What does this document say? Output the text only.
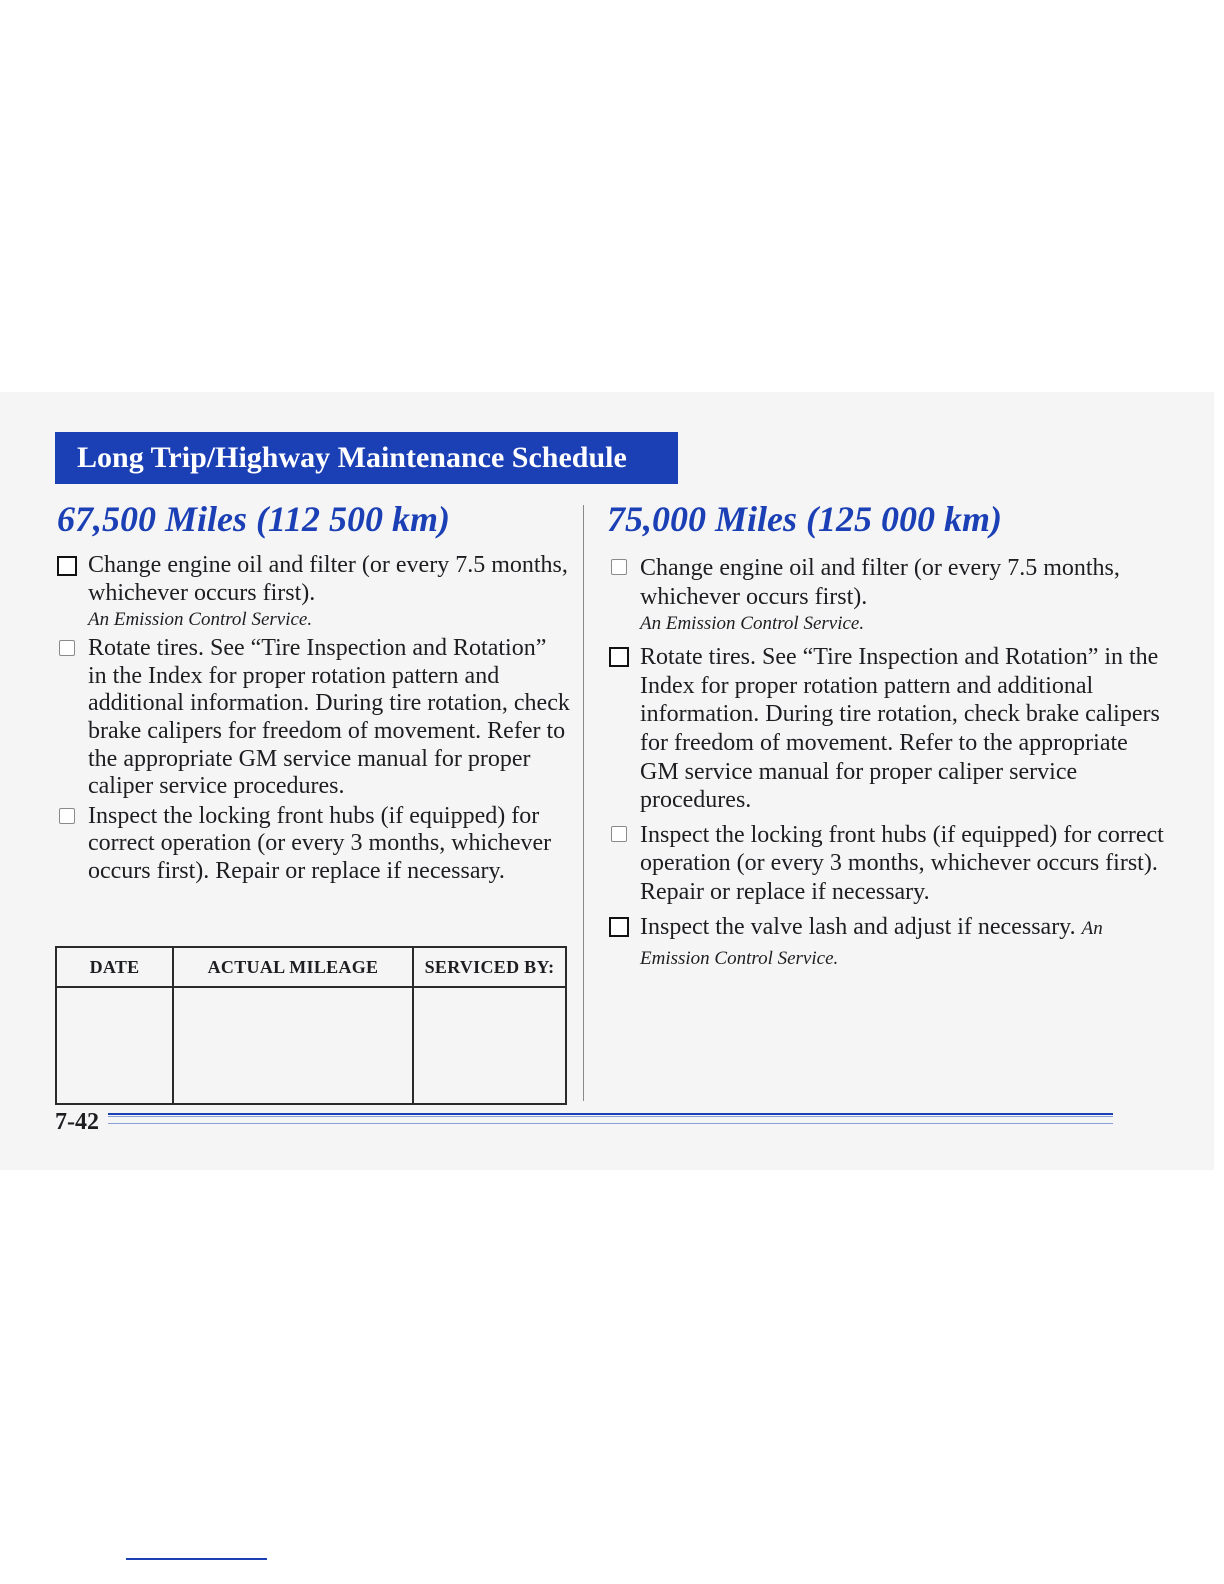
Long Trip/Highway Maintenance Schedule
67,500 Miles (112 500 km)
Change engine oil and filter (or every 7.5 months, whichever occurs first).
An Emission Control Service.
Rotate tires. See “Tire Inspection and Rotation” in the Index for proper rotation pattern and additional information. During tire rotation, check brake calipers for freedom of movement. Refer to the appropriate GM service manual for proper caliper service procedures.
Inspect the locking front hubs (if equipped) for correct operation (or every 3 months, whichever occurs first). Repair or replace if necessary.
DATE	ACTUAL MILEAGE	SERVICED BY:

75,000 Miles (125 000 km)
Change engine oil and filter (or every 7.5 months, whichever occurs first).
An Emission Control Service.
Rotate tires. See “Tire Inspection and Rotation” in the Index for proper rotation pattern and additional information. During tire rotation, check brake calipers for freedom of movement. Refer to the appropriate GM service manual for proper caliper service procedures.
Inspect the locking front hubs (if equipped) for correct operation (or every 3 months, whichever occurs first). Repair or replace if necessary.
Inspect the valve lash and adjust if necessary. An Emission Control Service.
7-42
